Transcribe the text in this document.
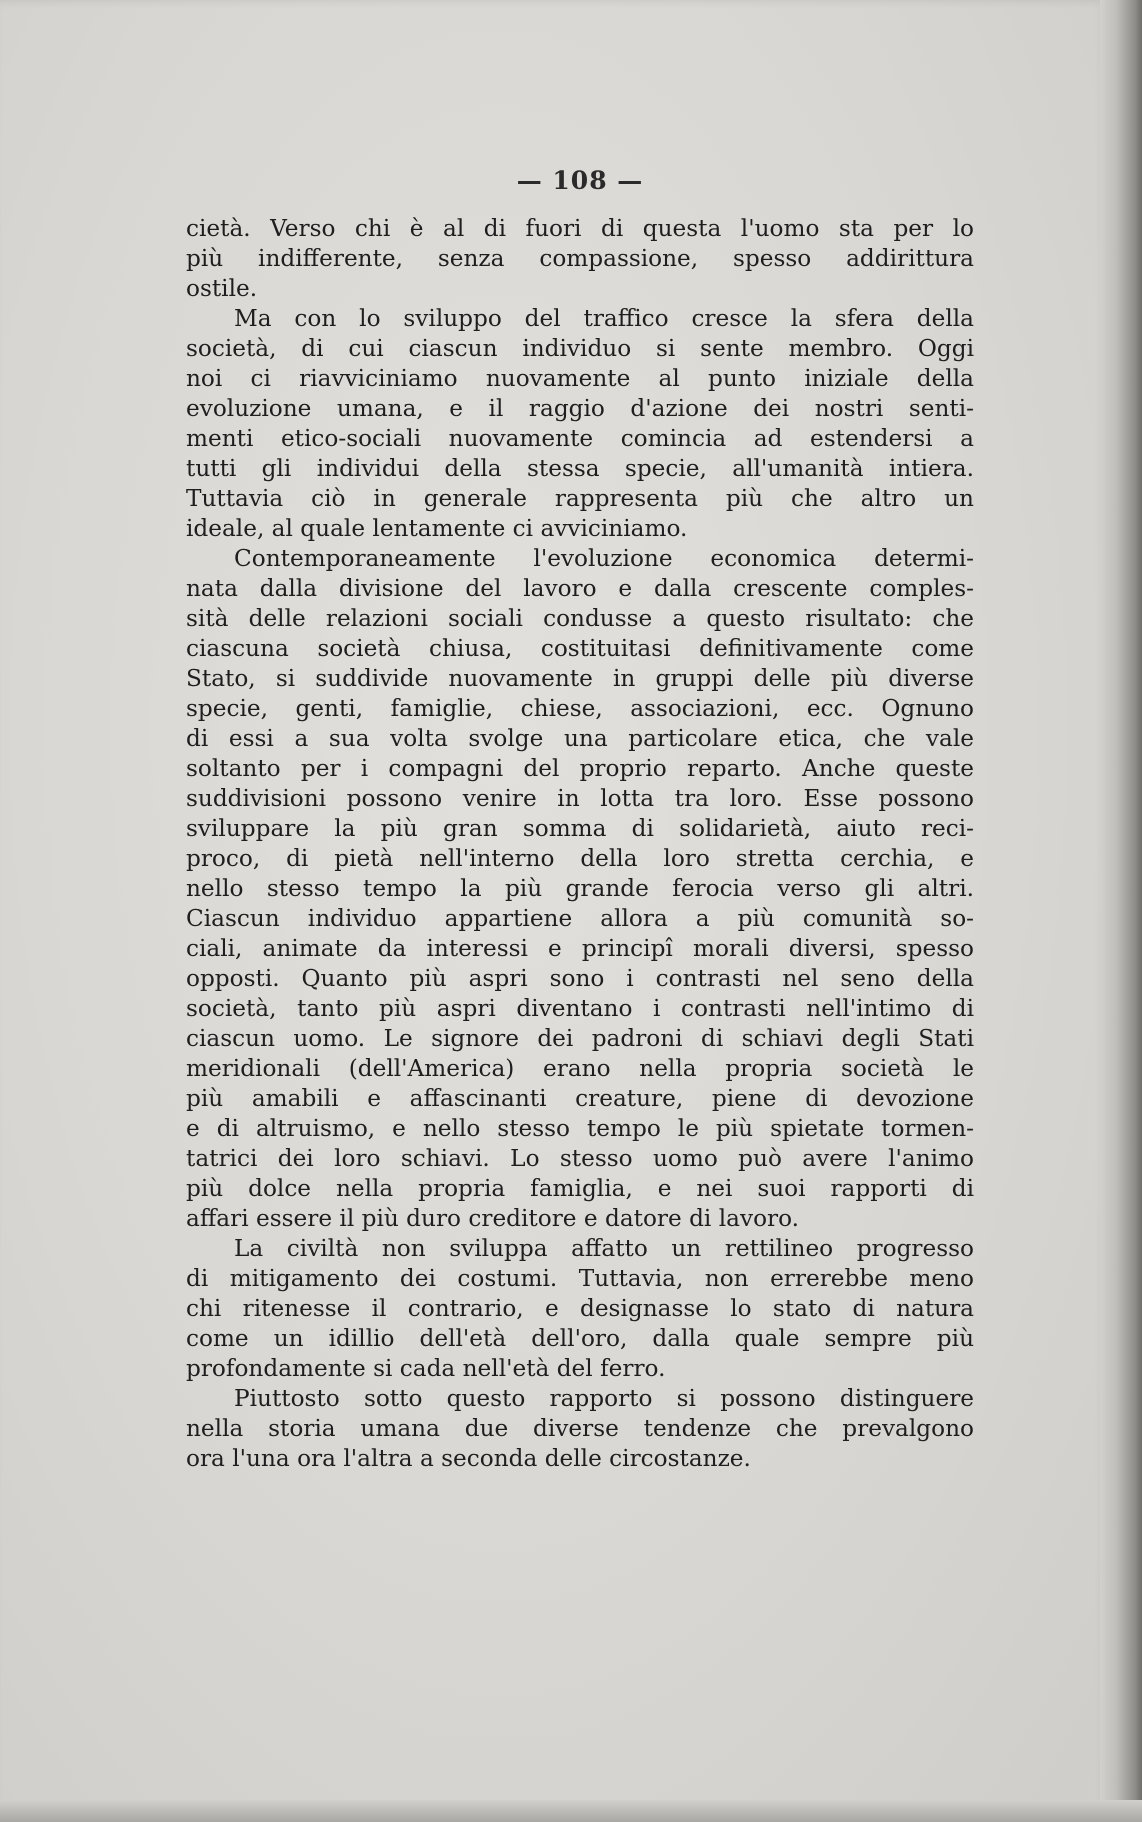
— 108 —
cietà. Verso chi è al di fuori di questa l'uomo sta per lo
più indifferente, senza compassione, spesso addirittura
ostile.
Ma con lo sviluppo del traffico cresce la sfera della
società, di cui ciascun individuo si sente membro. Oggi
noi ci riavviciniamo nuovamente al punto iniziale della
evoluzione umana, e il raggio d'azione dei nostri senti-
menti etico-sociali nuovamente comincia ad estendersi a
tutti gli individui della stessa specie, all'umanità intiera.
Tuttavia ciò in generale rappresenta più che altro un
ideale, al quale lentamente ci avviciniamo.
Contemporaneamente l'evoluzione economica determi-
nata dalla divisione del lavoro e dalla crescente comples-
sità delle relazioni sociali condusse a questo risultato: che
ciascuna società chiusa, costituitasi definitivamente come
Stato, si suddivide nuovamente in gruppi delle più diverse
specie, genti, famiglie, chiese, associazioni, ecc. Ognuno
di essi a sua volta svolge una particolare etica, che vale
soltanto per i compagni del proprio reparto. Anche queste
suddivisioni possono venire in lotta tra loro. Esse possono
sviluppare la più gran somma di solidarietà, aiuto reci-
proco, di pietà nell'interno della loro stretta cerchia, e
nello stesso tempo la più grande ferocia verso gli altri.
Ciascun individuo appartiene allora a più comunità so-
ciali, animate da interessi e principî morali diversi, spesso
opposti. Quanto più aspri sono i contrasti nel seno della
società, tanto più aspri diventano i contrasti nell'intimo di
ciascun uomo. Le signore dei padroni di schiavi degli Stati
meridionali (dell'America) erano nella propria società le
più amabili e affascinanti creature, piene di devozione
e di altruismo, e nello stesso tempo le più spietate tormen-
tatrici dei loro schiavi. Lo stesso uomo può avere l'animo
più dolce nella propria famiglia, e nei suoi rapporti di
affari essere il più duro creditore e datore di lavoro.
La civiltà non sviluppa affatto un rettilineo progresso
di mitigamento dei costumi. Tuttavia, non errerebbe meno
chi ritenesse il contrario, e designasse lo stato di natura
come un idillio dell'età dell'oro, dalla quale sempre più
profondamente si cada nell'età del ferro.
Piuttosto sotto questo rapporto si possono distinguere
nella storia umana due diverse tendenze che prevalgono
ora l'una ora l'altra a seconda delle circostanze.
